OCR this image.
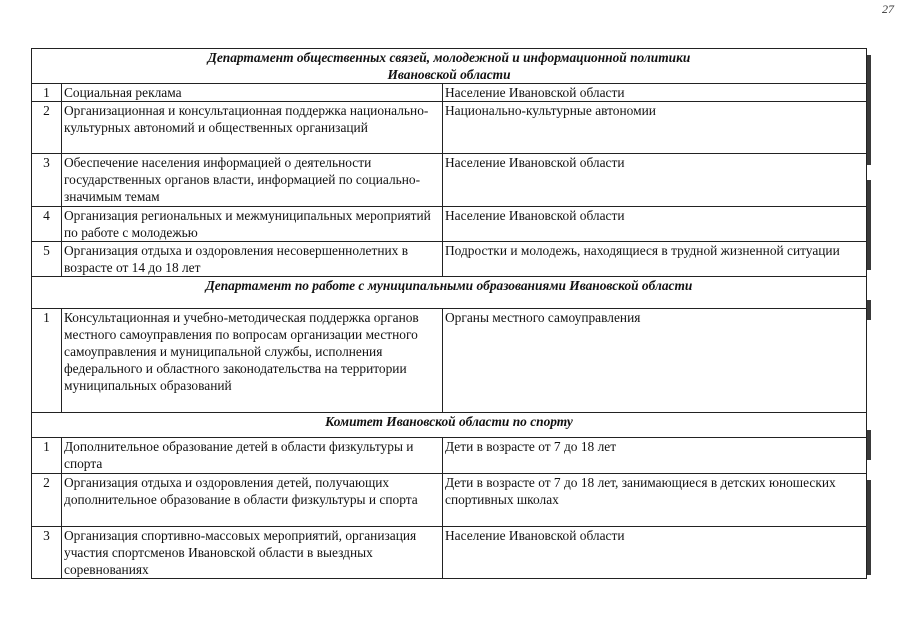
27
Департамент общественных связей, молодежной и информационной политики
Ивановской области		

1	Социальная реклама	Население Ивановской области
2	Организационная и консультационная поддержка национально-культурных автономий и общественных организаций	Национально-культурные автономии
3	Обеспечение населения информацией о деятельности государственных органов власти, информацией по социально-значимым темам	Население Ивановской области
4	Организация региональных и межмуниципальных мероприятий по работе с молодежью	Население Ивановской области
5	Организация отдыха и оздоровления несовершеннолетних в возрасте от 14 до 18 лет	Подростки и молодежь, находящиеся в трудной жизненной ситуации

Департамент по работе с муниципальными образованиями Ивановской области		

1	Консультационная и учебно-методическая поддержка органов местного самоуправления по вопросам организации местного самоуправления и муниципальной службы, исполнения федерального и областного законодательства на территории муниципальных образований	Органы местного самоуправления

Комитет Ивановской области по спорту		

1	Дополнительное образование детей в области физкультуры и спорта	Дети в возрасте от 7 до 18 лет
2	Организация отдыха и оздоровления детей, получающих дополнительное образование в области физкультуры и спорта	Дети в возрасте от 7 до 18 лет, занимающиеся в детских юношеских спортивных школах
3	Организация спортивно-массовых мероприятий, организация участия спортсменов Ивановской области в выездных соревнованиях	Население Ивановской области
